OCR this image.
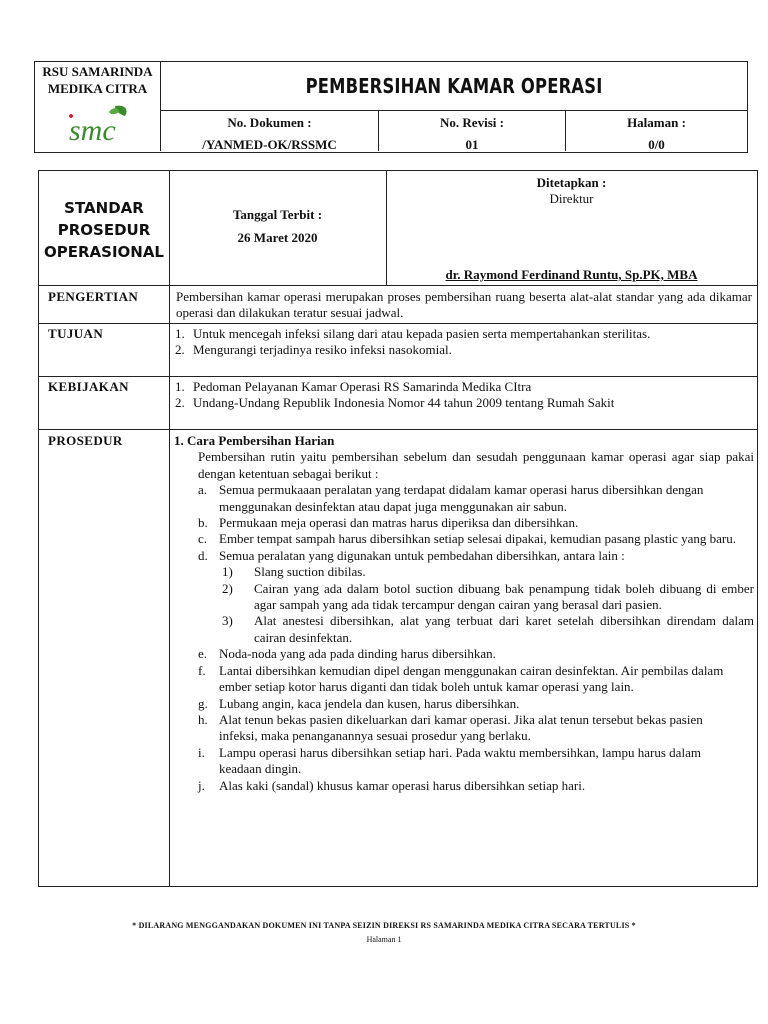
RSU SAMARINDA
MEDIKA CITRA
smc
PEMBERSIHAN KAMAR OPERASI
No. Dokumen :
/YANMED-OK/RSSMC
No. Revisi :
01
Halaman :
0/0
STANDAR
PROSEDUR
OPERASIONAL
Tanggal Terbit :
26 Maret 2020
Ditetapkan :
Direktur
dr. Raymond Ferdinand Runtu, Sp.PK, MBA
PENGERTIAN	Pembersihan kamar operasi merupakan proses pembersihan ruang beserta alat-alat standar yang ada dikamar operasi dan dilakukan teratur sesuai jadwal.
TUJUAN	1. Untuk mencegah infeksi silang dari atau kepada pasien serta mempertahankan sterilitas.
2. Mengurangi terjadinya resiko infeksi nasokomial.
KEBIJAKAN	1. Pedoman Pelayanan Kamar Operasi RS Samarinda Medika CItra
2. Undang-Undang Republik Indonesia Nomor 44 tahun 2009 tentang Rumah Sakit
PROSEDUR	1. Cara Pembersihan Harian
Pembersihan rutin yaitu pembersihan sebelum dan sesudah penggunaan kamar operasi agar siap pakai dengan ketentuan sebagai berikut :
a. Semua permukaaan peralatan yang terdapat didalam kamar operasi harus dibersihkan dengan menggunakan desinfektan atau dapat juga menggunakan air sabun.
b. Permukaan meja operasi dan matras harus diperiksa dan dibersihkan.
c. Ember tempat sampah harus dibersihkan setiap selesai dipakai, kemudian pasang plastic yang baru.
d. Semua peralatan yang digunakan untuk pembedahan dibersihkan, antara lain :
1) Slang suction dibilas.
2) Cairan yang ada dalam botol suction dibuang bak penampung tidak boleh dibuang di ember agar sampah yang ada tidak tercampur dengan cairan yang berasal dari pasien.
3) Alat anestesi dibersihkan, alat yang terbuat dari karet setelah dibersihkan direndam dalam cairan desinfektan.
e. Noda-noda yang ada pada dinding harus dibersihkan.
f. Lantai dibersihkan kemudian dipel dengan menggunakan cairan desinfektan. Air pembilas dalam ember setiap kotor harus diganti dan tidak boleh untuk kamar operasi yang lain.
g. Lubang angin, kaca jendela dan kusen, harus dibersihkan.
h. Alat tenun bekas pasien dikeluarkan dari kamar operasi. Jika alat tenun tersebut bekas pasien infeksi, maka penanganannya sesuai prosedur yang berlaku.
i. Lampu operasi harus dibersihkan setiap hari. Pada waktu membersihkan, lampu harus dalam keadaan dingin.
j. Alas kaki (sandal) khusus kamar operasi harus dibersihkan setiap hari.
* DILARANG MENGGANDAKAN DOKUMEN INI TANPA SEIZIN DIREKSI RS SAMARINDA MEDIKA CITRA SECARA TERTULIS *
Halaman 1
